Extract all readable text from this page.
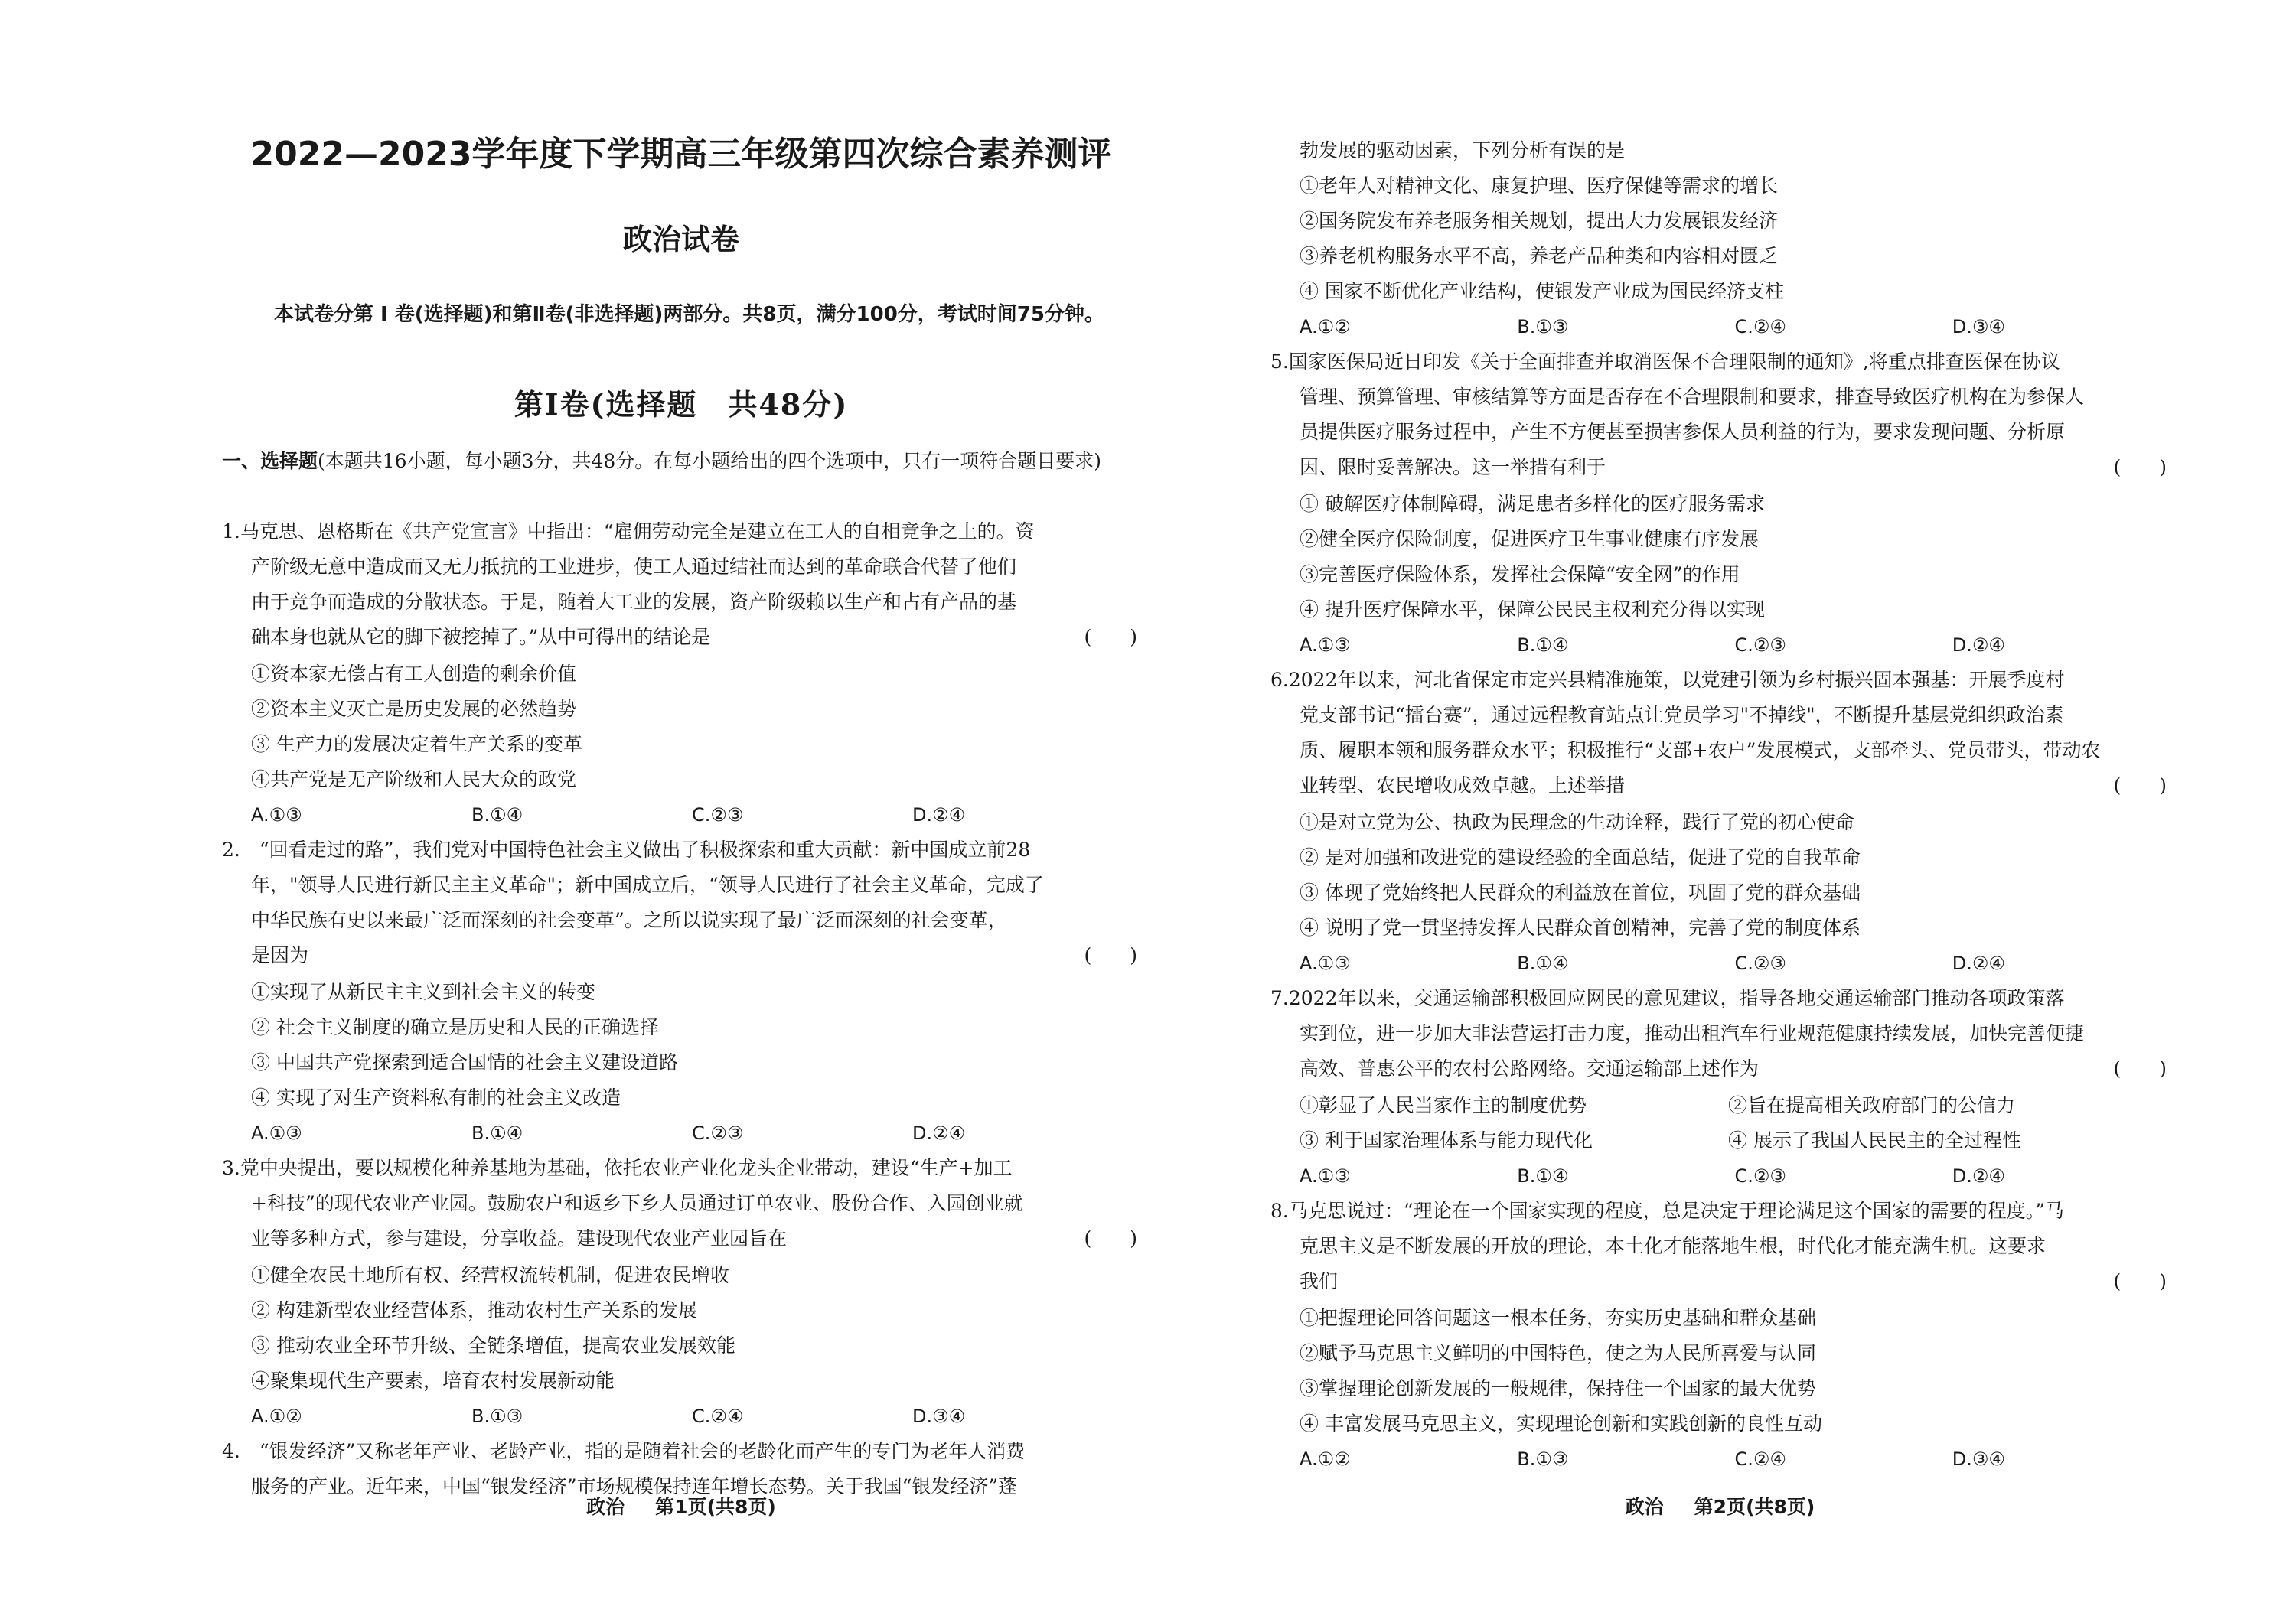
2022—2023学年度下学期高三年级第四次综合素养测评
政治试卷
本试卷分第 Ⅰ 卷(选择题)和第Ⅱ卷(非选择题)两部分。共8页，满分100分，考试时间75分钟。
第Ⅰ卷(选择题　共48分)
一、选择题(本题共16小题，每小题3分，共48分。在每小题给出的四个选项中，只有一项符合题目要求)
1.马克思、恩格斯在《共产党宣言》中指出：“雇佣劳动完全是建立在工人的自相竞争之上的。资
产阶级无意中造成而又无力抵抗的工业进步，使工人通过结社而达到的革命联合代替了他们
由于竞争而造成的分散状态。于是，随着大工业的发展，资产阶级赖以生产和占有产品的基
础本身也就从它的脚下被挖掉了。”从中可得出的结论是	(　　)
①资本家无偿占有工人创造的剩余价值
②资本主义灭亡是历史发展的必然趋势
③ 生产力的发展决定着生产关系的变革
④共产党是无产阶级和人民大众的政党
A.①③	B.①④	C.②③	D.②④
2.　“回看走过的路”，我们党对中国特色社会主义做出了积极探索和重大贡献：新中国成立前28
年，"领导人民进行新民主主义革命"；新中国成立后，“领导人民进行了社会主义革命，完成了
中华民族有史以来最广泛而深刻的社会变革”。之所以说实现了最广泛而深刻的社会变革，
是因为	(　　)
①实现了从新民主主义到社会主义的转变
② 社会主义制度的确立是历史和人民的正确选择
③ 中国共产党探索到适合国情的社会主义建设道路
④ 实现了对生产资料私有制的社会主义改造
A.①③	B.①④	C.②③	D.②④
3.党中央提出，要以规模化种养基地为基础，依托农业产业化龙头企业带动，建设“生产+加工
+科技”的现代农业产业园。鼓励农户和返乡下乡人员通过订单农业、股份合作、入园创业就
业等多种方式，参与建设，分享收益。建设现代农业产业园旨在	(　　)
①健全农民土地所有权、经营权流转机制，促进农民增收
② 构建新型农业经营体系，推动农村生产关系的发展
③ 推动农业全环节升级、全链条增值，提高农业发展效能
④聚集现代生产要素，培育农村发展新动能
A.①②	B.①③	C.②④	D.③④
4.　“银发经济”又称老年产业、老龄产业，指的是随着社会的老龄化而产生的专门为老年人消费
服务的产业。近年来，中国“银发经济”市场规模保持连年增长态势。关于我国“银发经济”蓬
政治 第1页(共8页)
勃发展的驱动因素，下列分析有误的是
①老年人对精神文化、康复护理、医疗保健等需求的增长
②国务院发布养老服务相关规划，提出大力发展银发经济
③养老机构服务水平不高，养老产品种类和内容相对匮乏
④ 国家不断优化产业结构，使银发产业成为国民经济支柱
A.①②	B.①③	C.②④	D.③④
5.国家医保局近日印发《关于全面排查并取消医保不合理限制的通知》,将重点排查医保在协议
管理、预算管理、审核结算等方面是否存在不合理限制和要求，排查导致医疗机构在为参保人
员提供医疗服务过程中，产生不方便甚至损害参保人员利益的行为，要求发现问题、分析原
因、限时妥善解决。这一举措有利于	(　　)
① 破解医疗体制障碍，满足患者多样化的医疗服务需求
②健全医疗保险制度，促进医疗卫生事业健康有序发展
③完善医疗保险体系，发挥社会保障“安全网”的作用
④ 提升医疗保障水平，保障公民民主权利充分得以实现
A.①③	B.①④	C.②③	D.②④
6.2022年以来，河北省保定市定兴县精准施策，以党建引领为乡村振兴固本强基：开展季度村
党支部书记“擂台赛”，通过远程教育站点让党员学习"不掉线"，不断提升基层党组织政治素
质、履职本领和服务群众水平；积极推行“支部+农户”发展模式，支部牵头、党员带头，带动农
业转型、农民增收成效卓越。上述举措	(　　)
①是对立党为公、执政为民理念的生动诠释，践行了党的初心使命
② 是对加强和改进党的建设经验的全面总结，促进了党的自我革命
③ 体现了党始终把人民群众的利益放在首位，巩固了党的群众基础
④ 说明了党一贯坚持发挥人民群众首创精神，完善了党的制度体系
A.①③	B.①④	C.②③	D.②④
7.2022年以来，交通运输部积极回应网民的意见建议，指导各地交通运输部门推动各项政策落
实到位，进一步加大非法营运打击力度，推动出租汽车行业规范健康持续发展，加快完善便捷
高效、普惠公平的农村公路网络。交通运输部上述作为	(　　)
①彰显了人民当家作主的制度优势	②旨在提高相关政府部门的公信力
③ 利于国家治理体系与能力现代化	④ 展示了我国人民民主的全过程性
A.①③	B.①④	C.②③	D.②④
8.马克思说过：“理论在一个国家实现的程度，总是决定于理论满足这个国家的需要的程度。”马
克思主义是不断发展的开放的理论，本土化才能落地生根，时代化才能充满生机。这要求
我们	(　　)
①把握理论回答问题这一根本任务，夯实历史基础和群众基础
②赋予马克思主义鲜明的中国特色，使之为人民所喜爱与认同
③掌握理论创新发展的一般规律，保持住一个国家的最大优势
④ 丰富发展马克思主义，实现理论创新和实践创新的良性互动
A.①②	B.①③	C.②④	D.③④
政治 第2页(共8页)
